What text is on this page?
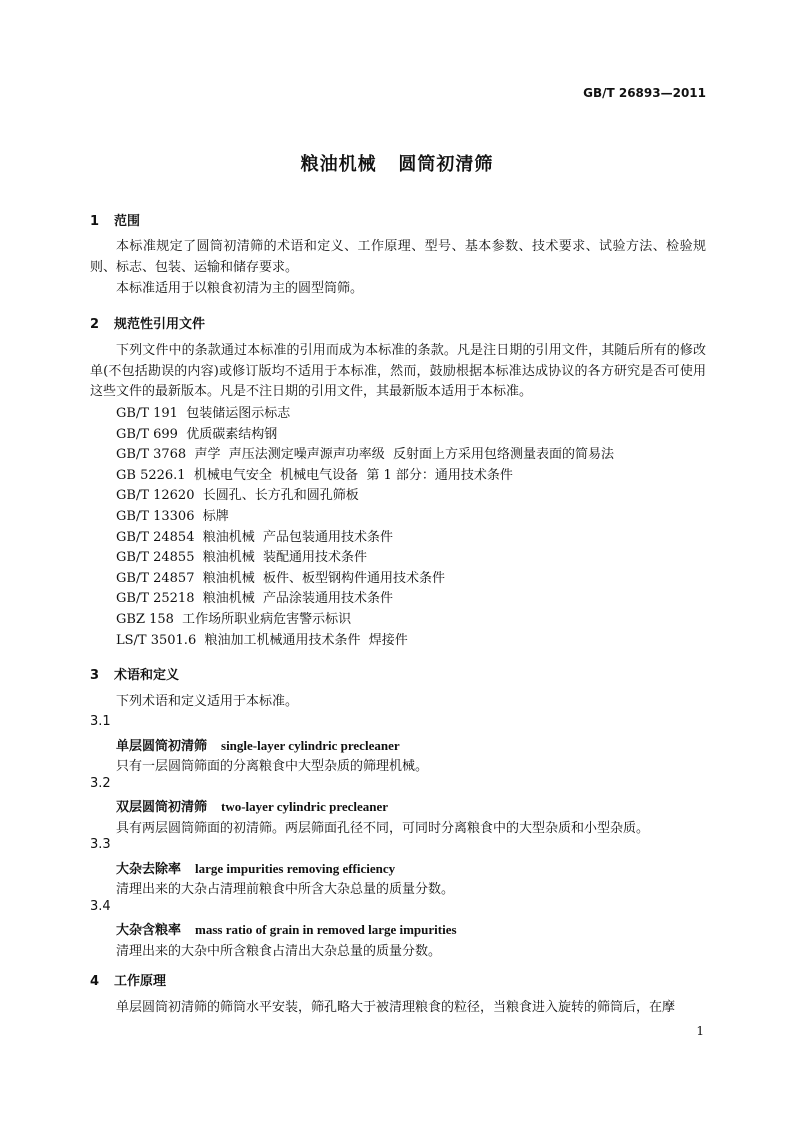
GB/T 26893—2011
粮油机械   圆筒初清筛
1 范围
本标准规定了圆筒初清筛的术语和定义、工作原理、型号、基本参数、技术要求、试验方法、检验规则、标志、包装、运输和储存要求。
本标准适用于以粮食初清为主的圆型筒筛。
2 规范性引用文件
下列文件中的条款通过本标准的引用而成为本标准的条款。凡是注日期的引用文件，其随后所有的修改单(不包括勘误的内容)或修订版均不适用于本标准，然而，鼓励根据本标准达成协议的各方研究是否可使用这些文件的最新版本。凡是不注日期的引用文件，其最新版本适用于本标准。
GB/T 191  包装储运图示标志
GB/T 699  优质碳素结构钢
GB/T 3768  声学  声压法测定噪声源声功率级  反射面上方采用包络测量表面的简易法
GB 5226.1  机械电气安全  机械电气设备  第 1 部分：通用技术条件
GB/T 12620  长圆孔、长方孔和圆孔筛板
GB/T 13306  标牌
GB/T 24854  粮油机械  产品包装通用技术条件
GB/T 24855  粮油机械  装配通用技术条件
GB/T 24857  粮油机械  板件、板型钢构件通用技术条件
GB/T 25218  粮油机械  产品涂装通用技术条件
GBZ 158  工作场所职业病危害警示标识
LS/T 3501.6  粮油加工机械通用技术条件  焊接件
3 术语和定义
下列术语和定义适用于本标准。
3.1
单层圆筒初清筛 single-layer cylindric precleaner
只有一层圆筒筛面的分离粮食中大型杂质的筛理机械。
3.2
双层圆筒初清筛 two-layer cylindric precleaner
具有两层圆筒筛面的初清筛。两层筛面孔径不同，可同时分离粮食中的大型杂质和小型杂质。
3.3
大杂去除率 large impurities removing efficiency
清理出来的大杂占清理前粮食中所含大杂总量的质量分数。
3.4
大杂含粮率 mass ratio of grain in removed large impurities
清理出来的大杂中所含粮食占清出大杂总量的质量分数。
4 工作原理
单层圆筒初清筛的筛筒水平安装，筛孔略大于被清理粮食的粒径，当粮食进入旋转的筛筒后，在摩
1
